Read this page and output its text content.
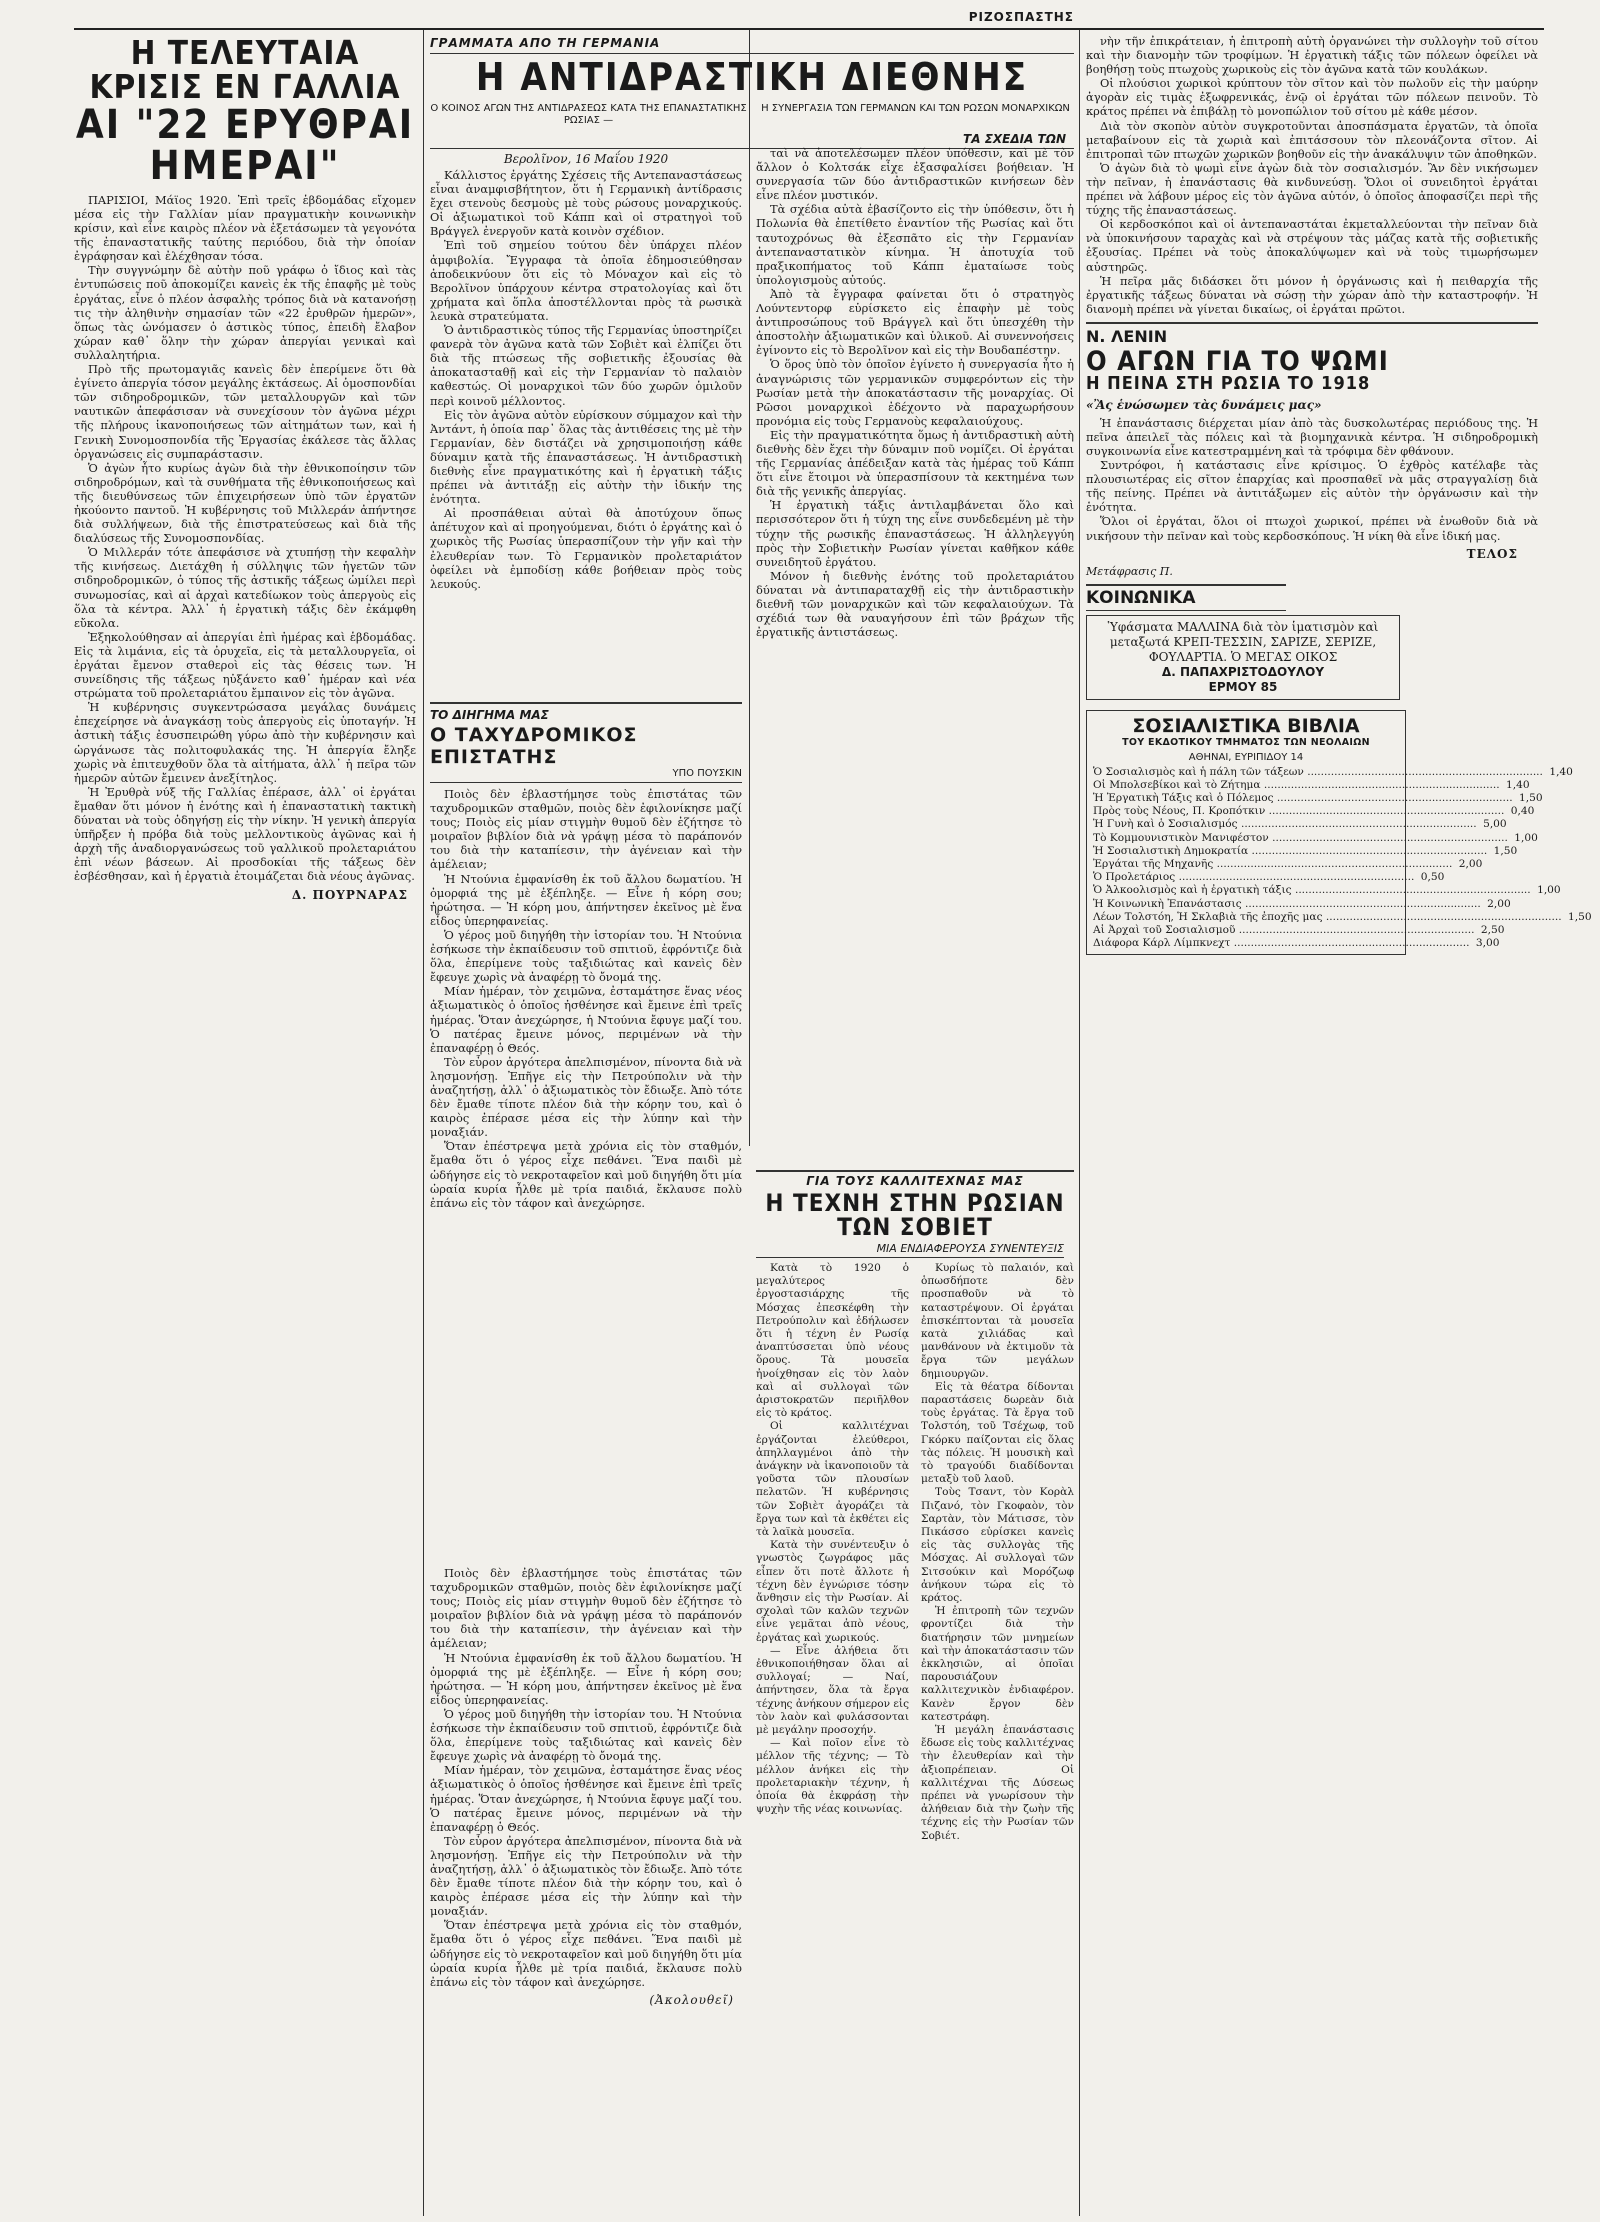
ΡΙΖΟΣΠΑΣΤΗΣ
Η ΤΕΛΕΥΤΑΙΑ ΚΡΙΣΙΣ ΕΝ ΓΑΛΛΙΑ
ΑΙ "22 ΕΡΥΘΡΑΙ ΗΜΕΡΑΙ"

ΠΑΡΙΣΙΟΙ, Μάϊος 1920. Ἐπὶ τρεῖς ἑβδομάδας εἴχομεν μέσα εἰς τὴν Γαλλίαν μίαν πραγματικὴν κοινωνικὴν κρίσιν, καὶ εἶνε καιρὸς πλέον νὰ ἐξετάσωμεν τὰ γεγονότα τῆς ἐπαναστατικῆς ταύτης περιόδου, διὰ τὴν ὁποίαν ἐγράφησαν καὶ ἐλέχθησαν τόσα.

Τὴν συγγνώμην δὲ αὐτὴν ποῦ γράφω ὁ ἴδιος καὶ τὰς ἐντυπώσεις ποῦ ἀποκομίζει κανεὶς ἐκ τῆς ἐπαφῆς μὲ τοὺς ἐργάτας, εἶνε ὁ πλέον ἀσφαλὴς τρόπος διὰ νὰ κατανοήσῃ τις τὴν ἀληθινὴν σημασίαν τῶν «22 ἐρυθρῶν ἡμερῶν», ὅπως τὰς ὠνόμασεν ὁ ἀστικὸς τύπος, ἐπειδὴ ἔλαβον χώραν καθ᾽ ὅλην τὴν χώραν ἀπεργίαι γενικαὶ καὶ συλλαλητήρια.

Πρὸ τῆς πρωτομαγιᾶς κανεὶς δὲν ἐπερίμενε ὅτι θὰ ἐγίνετο ἀπεργία τόσον μεγάλης ἐκτάσεως. Αἱ ὁμοσπονδίαι τῶν σιδηροδρομικῶν, τῶν μεταλλουργῶν καὶ τῶν ναυτικῶν ἀπεφάσισαν νὰ συνεχίσουν τὸν ἀγῶνα μέχρι τῆς πλήρους ἱκανοποιήσεως τῶν αἰτημάτων των, καὶ ἡ Γενικὴ Συνομοσπονδία τῆς Ἐργασίας ἐκάλεσε τὰς ἄλλας ὀργανώσεις εἰς συμπαράστασιν.

Ὁ ἀγὼν ἦτο κυρίως ἀγὼν διὰ τὴν ἐθνικοποίησιν τῶν σιδηροδρόμων, καὶ τὰ συνθήματα τῆς ἐθνικοποιήσεως καὶ τῆς διευθύνσεως τῶν ἐπιχειρήσεων ὑπὸ τῶν ἐργατῶν ἠκούοντο παντοῦ. Ἡ κυβέρνησις τοῦ Μιλλεράν ἀπήντησε διὰ συλλήψεων, διὰ τῆς ἐπιστρατεύσεως καὶ διὰ τῆς διαλύσεως τῆς Συνομοσπονδίας.

Ὁ Μιλλεράν τότε ἀπεφάσισε νὰ χτυπήσῃ τὴν κεφαλὴν τῆς κινήσεως. Διετάχθη ἡ σύλληψις τῶν ἡγετῶν τῶν σιδηροδρομικῶν, ὁ τύπος τῆς ἀστικῆς τάξεως ὡμίλει περὶ συνωμοσίας, καὶ αἱ ἀρχαὶ κατεδίωκον τοὺς ἀπεργοὺς εἰς ὅλα τὰ κέντρα. Ἀλλ᾽ ἡ ἐργατικὴ τάξις δὲν ἐκάμφθη εὔκολα.

Ἐξηκολούθησαν αἱ ἀπεργίαι ἐπὶ ἡμέρας καὶ ἑβδομάδας. Εἰς τὰ λιμάνια, εἰς τὰ ὀρυχεῖα, εἰς τὰ μεταλλουργεῖα, οἱ ἐργάται ἔμενον σταθεροὶ εἰς τὰς θέσεις των. Ἡ συνείδησις τῆς τάξεως ηὐξάνετο καθ᾽ ἡμέραν καὶ νέα στρώματα τοῦ προλεταριάτου ἔμπαινον εἰς τὸν ἀγῶνα.

Ἡ κυβέρνησις συγκεντρώσασα μεγάλας δυνάμεις ἐπεχείρησε νὰ ἀναγκάσῃ τοὺς ἀπεργοὺς εἰς ὑποταγήν. Ἡ ἀστικὴ τάξις ἐσυσπειρώθη γύρω ἀπὸ τὴν κυβέρνησιν καὶ ὠργάνωσε τὰς πολιτοφυλακάς της. Ἡ ἀπεργία ἔληξε χωρὶς νὰ ἐπιτευχθοῦν ὅλα τὰ αἰτήματα, ἀλλ᾽ ἡ πεῖρα τῶν ἡμερῶν αὐτῶν ἔμεινεν ἀνεξίτηλος.

Ἡ Ἐρυθρὰ νύξ τῆς Γαλλίας ἐπέρασε, ἀλλ᾽ οἱ ἐργάται ἔμαθαν ὅτι μόνον ἡ ἑνότης καὶ ἡ ἐπαναστατικὴ τακτικὴ δύναται νὰ τοὺς ὁδηγήσῃ εἰς τὴν νίκην. Ἡ γενικὴ ἀπεργία ὑπῆρξεν ἡ πρόβα διὰ τοὺς μελλοντικοὺς ἀγῶνας καὶ ἡ ἀρχὴ τῆς ἀναδιοργανώσεως τοῦ γαλλικοῦ προλεταριάτου ἐπὶ νέων βάσεων. Αἱ προσδοκίαι τῆς τάξεως δὲν ἐσβέσθησαν, καὶ ἡ ἐργατιὰ ἑτοιμάζεται διὰ νέους ἀγῶνας.

Δ. ΠΟΥΡΝΑΡΑΣ
ΓΡΑΜΜΑΤΑ ΑΠΟ ΤΗ ΓΕΡΜΑΝΙΑ
Η ΑΝΤΙΔΡΑΣΤΙΚΗ ΔΙΕΘΝΗΣ
Ο ΚΟΙΝΟΣ ΑΓΩΝ ΤΗΣ ΑΝΤΙΔΡΑΣΕΩΣ ΚΑΤΑ ΤΗΣ ΕΠΑΝΑΣΤΑΤΙΚΗΣ ΡΩΣΙΑΣ —
Η ΣΥΝΕΡΓΑΣΙΑ ΤΩΝ ΓΕΡΜΑΝΩΝ ΚΑΙ ΤΩΝ ΡΩΣΩΝ ΜΟΝΑΡΧΙΚΩΝ
ΤΑ ΣΧΕΔΙΑ ΤΩΝ
Βερολῖνον, 16 Μαΐου 1920

Κάλλιστος ἐργάτης Σχέσεις τῆς Αντεπαναστάσεως εἶναι ἀναμφισβήτητον, ὅτι ἡ Γερμανικὴ ἀντίδρασις ἔχει στενοὺς δεσμοὺς μὲ τοὺς ρώσους μοναρχικούς. Οἱ ἀξιωματικοὶ τοῦ Κάππ καὶ οἱ στρατηγοὶ τοῦ Βράγγελ ἐνεργοῦν κατὰ κοινὸν σχέδιον.

Ἐπὶ τοῦ σημείου τούτου δὲν ὑπάρχει πλέον ἀμφιβολία. Ἔγγραφα τὰ ὁποῖα ἐδημοσιεύθησαν ἀποδεικνύουν ὅτι εἰς τὸ Μόναχον καὶ εἰς τὸ Βερολῖνον ὑπάρχουν κέντρα στρατολογίας καὶ ὅτι χρήματα καὶ ὅπλα ἀποστέλλονται πρὸς τὰ ρωσικὰ λευκὰ στρατεύματα.

Ὁ ἀντιδραστικὸς τύπος τῆς Γερμανίας ὑποστηρίζει φανερὰ τὸν ἀγῶνα κατὰ τῶν Σοβιὲτ καὶ ἐλπίζει ὅτι διὰ τῆς πτώσεως τῆς σοβιετικῆς ἐξουσίας θὰ ἀποκατασταθῇ καὶ εἰς τὴν Γερμανίαν τὸ παλαιὸν καθεστώς. Οἱ μοναρχικοὶ τῶν δύο χωρῶν ὁμιλοῦν περὶ κοινοῦ μέλλοντος.

Εἰς τὸν ἀγῶνα αὐτὸν εὑρίσκουν σύμμαχον καὶ τὴν Ἀντάντ, ἡ ὁποία παρ᾽ ὅλας τὰς ἀντιθέσεις της μὲ τὴν Γερμανίαν, δὲν διστάζει νὰ χρησιμοποιήσῃ κάθε δύναμιν κατὰ τῆς ἐπαναστάσεως. Ἡ ἀντιδραστικὴ διεθνὴς εἶνε πραγματικότης καὶ ἡ ἐργατικὴ τάξις πρέπει νὰ ἀντιτάξῃ εἰς αὐτὴν τὴν ἰδικήν της ἑνότητα.

Αἱ προσπάθειαι αὐταὶ θὰ ἀποτύχουν ὅπως ἀπέτυχον καὶ αἱ προηγούμεναι, διότι ὁ ἐργάτης καὶ ὁ χωρικὸς τῆς Ρωσίας ὑπερασπίζουν τὴν γῆν καὶ τὴν ἐλευθερίαν των. Τὸ Γερμανικὸν προλεταριάτον ὀφείλει νὰ ἐμποδίσῃ κάθε βοήθειαν πρὸς τοὺς λευκούς.

ταὶ νὰ ἀποτελέσωμεν πλέον ὑπόθεσιν, καὶ μὲ τὸν ἄλλον ὁ Κολτσάκ εἶχε ἐξασφαλίσει βοήθειαν. Ἡ συνεργασία τῶν δύο ἀντιδραστικῶν κινήσεων δὲν εἶνε πλέον μυστικόν.

Τὰ σχέδια αὐτὰ ἐβασίζοντο εἰς τὴν ὑπόθεσιν, ὅτι ἡ Πολωνία θὰ ἐπετίθετο ἐναντίον τῆς Ρωσίας καὶ ὅτι ταυτοχρόνως θὰ ἐξεσπᾶτο εἰς τὴν Γερμανίαν ἀντεπαναστατικὸν κίνημα. Ἡ ἀποτυχία τοῦ πραξικοπήματος τοῦ Κάππ ἐματαίωσε τοὺς ὑπολογισμοὺς αὐτούς.

Ἀπὸ τὰ ἔγγραφα φαίνεται ὅτι ὁ στρατηγὸς Λούντεντορφ εὑρίσκετο εἰς ἐπαφὴν μὲ τοὺς ἀντιπροσώπους τοῦ Βράγγελ καὶ ὅτι ὑπεσχέθη τὴν ἀποστολὴν ἀξιωματικῶν καὶ ὑλικοῦ. Αἱ συνεννοήσεις ἐγίνοντο εἰς τὸ Βερολῖνον καὶ εἰς τὴν Βουδαπέστην.

Ὁ ὅρος ὑπὸ τὸν ὁποῖον ἐγίνετο ἡ συνεργασία ἦτο ἡ ἀναγνώρισις τῶν γερμανικῶν συμφερόντων εἰς τὴν Ρωσίαν μετὰ τὴν ἀποκατάστασιν τῆς μοναρχίας. Οἱ Ρῶσοι μοναρχικοὶ ἐδέχοντο νὰ παραχωρήσουν προνόμια εἰς τοὺς Γερμανοὺς κεφαλαιούχους.

Εἰς τὴν πραγματικότητα ὅμως ἡ ἀντιδραστικὴ αὐτὴ διεθνὴς δὲν ἔχει τὴν δύναμιν ποῦ νομίζει. Οἱ ἐργάται τῆς Γερμανίας ἀπέδειξαν κατὰ τὰς ἡμέρας τοῦ Κάππ ὅτι εἶνε ἕτοιμοι νὰ ὑπερασπίσουν τὰ κεκτημένα των διὰ τῆς γενικῆς ἀπεργίας.

Ἡ ἐργατικὴ τάξις ἀντιλαμβάνεται ὅλο καὶ περισσότερον ὅτι ἡ τύχη της εἶνε συνδεδεμένη μὲ τὴν τύχην τῆς ρωσικῆς ἐπαναστάσεως. Ἡ ἀλληλεγγύη πρὸς τὴν Σοβιετικὴν Ρωσίαν γίνεται καθῆκον κάθε συνειδητοῦ ἐργάτου.

Μόνον ἡ διεθνὴς ἑνότης τοῦ προλεταριάτου δύναται νὰ ἀντιπαραταχθῇ εἰς τὴν ἀντιδραστικὴν διεθνῆ τῶν μοναρχικῶν καὶ τῶν κεφαλαιούχων. Τὰ σχέδιά των θὰ ναυαγήσουν ἐπὶ τῶν βράχων τῆς ἐργατικῆς ἀντιστάσεως.

ΤΟ ΔΙΗΓΗΜΑ ΜΑΣ
Ο ΤΑΧΥΔΡΟΜΙΚΟΣ ΕΠΙΣΤΑΤΗΣ
ΥΠΟ ΠΟΥΣΚΙΝ

Ποιὸς δὲν ἐβλαστήμησε τοὺς ἐπιστάτας τῶν ταχυδρομικῶν σταθμῶν, ποιὸς δὲν ἐφιλονίκησε μαζί τους; Ποιὸς εἰς μίαν στιγμὴν θυμοῦ δὲν ἐζήτησε τὸ μοιραῖον βιβλίον διὰ νὰ γράψῃ μέσα τὸ παράπονόν του διὰ τὴν καταπίεσιν, τὴν ἀγένειαν καὶ τὴν ἀμέλειαν;

Ἡ Ντούνια ἐμφανίσθη ἐκ τοῦ ἄλλου δωματίου. Ἡ ὀμορφιά της μὲ ἐξέπληξε. — Εἶνε ἡ κόρη σου; ἠρώτησα. — Ἡ κόρη μου, ἀπήντησεν ἐκεῖνος μὲ ἕνα εἶδος ὑπερηφανείας.

Ὁ γέρος μοῦ διηγήθη τὴν ἱστορίαν του. Ἡ Ντούνια ἐσήκωσε τὴν ἐκπαίδευσιν τοῦ σπιτιοῦ, ἐφρόντιζε διὰ ὅλα, ἐπερίμενε τοὺς ταξιδιώτας καὶ κανεὶς δὲν ἔφευγε χωρὶς νὰ ἀναφέρῃ τὸ ὄνομά της.

Μίαν ἡμέραν, τὸν χειμῶνα, ἐσταμάτησε ἕνας νέος ἀξιωματικὸς ὁ ὁποῖος ἠσθένησε καὶ ἔμεινε ἐπὶ τρεῖς ἡμέρας. Ὅταν ἀνεχώρησε, ἡ Ντούνια ἔφυγε μαζί του. Ὁ πατέρας ἔμεινε μόνος, περιμένων νὰ τὴν ἐπαναφέρῃ ὁ Θεός.

Τὸν εὗρον ἀργότερα ἀπελπισμένον, πίνοντα διὰ νὰ λησμονήσῃ. Ἐπῆγε εἰς τὴν Πετρούπολιν νὰ τὴν ἀναζητήσῃ, ἀλλ᾽ ὁ ἀξιωματικὸς τὸν ἔδιωξε. Ἀπὸ τότε δὲν ἔμαθε τίποτε πλέον διὰ τὴν κόρην του, καὶ ὁ καιρὸς ἐπέρασε μέσα εἰς τὴν λύπην καὶ τὴν μοναξιάν.

Ὅταν ἐπέστρεψα μετὰ χρόνια εἰς τὸν σταθμόν, ἔμαθα ὅτι ὁ γέρος εἶχε πεθάνει. Ἕνα παιδὶ μὲ ὡδήγησε εἰς τὸ νεκροταφεῖον καὶ μοῦ διηγήθη ὅτι μία ὡραία κυρία ἦλθε μὲ τρία παιδιά, ἔκλαυσε πολὺ ἐπάνω εἰς τὸν τάφον καὶ ἀνεχώρησε.

Ποιὸς δὲν ἐβλαστήμησε τοὺς ἐπιστάτας τῶν ταχυδρομικῶν σταθμῶν, ποιὸς δὲν ἐφιλονίκησε μαζί τους; Ποιὸς εἰς μίαν στιγμὴν θυμοῦ δὲν ἐζήτησε τὸ μοιραῖον βιβλίον διὰ νὰ γράψῃ μέσα τὸ παράπονόν του διὰ τὴν καταπίεσιν, τὴν ἀγένειαν καὶ τὴν ἀμέλειαν;

Ἡ Ντούνια ἐμφανίσθη ἐκ τοῦ ἄλλου δωματίου. Ἡ ὀμορφιά της μὲ ἐξέπληξε. — Εἶνε ἡ κόρη σου; ἠρώτησα. — Ἡ κόρη μου, ἀπήντησεν ἐκεῖνος μὲ ἕνα εἶδος ὑπερηφανείας.

Ὁ γέρος μοῦ διηγήθη τὴν ἱστορίαν του. Ἡ Ντούνια ἐσήκωσε τὴν ἐκπαίδευσιν τοῦ σπιτιοῦ, ἐφρόντιζε διὰ ὅλα, ἐπερίμενε τοὺς ταξιδιώτας καὶ κανεὶς δὲν ἔφευγε χωρὶς νὰ ἀναφέρῃ τὸ ὄνομά της.

Μίαν ἡμέραν, τὸν χειμῶνα, ἐσταμάτησε ἕνας νέος ἀξιωματικὸς ὁ ὁποῖος ἠσθένησε καὶ ἔμεινε ἐπὶ τρεῖς ἡμέρας. Ὅταν ἀνεχώρησε, ἡ Ντούνια ἔφυγε μαζί του. Ὁ πατέρας ἔμεινε μόνος, περιμένων νὰ τὴν ἐπαναφέρῃ ὁ Θεός.

Τὸν εὗρον ἀργότερα ἀπελπισμένον, πίνοντα διὰ νὰ λησμονήσῃ. Ἐπῆγε εἰς τὴν Πετρούπολιν νὰ τὴν ἀναζητήσῃ, ἀλλ᾽ ὁ ἀξιωματικὸς τὸν ἔδιωξε. Ἀπὸ τότε δὲν ἔμαθε τίποτε πλέον διὰ τὴν κόρην του, καὶ ὁ καιρὸς ἐπέρασε μέσα εἰς τὴν λύπην καὶ τὴν μοναξιάν.

Ὅταν ἐπέστρεψα μετὰ χρόνια εἰς τὸν σταθμόν, ἔμαθα ὅτι ὁ γέρος εἶχε πεθάνει. Ἕνα παιδὶ μὲ ὡδήγησε εἰς τὸ νεκροταφεῖον καὶ μοῦ διηγήθη ὅτι μία ὡραία κυρία ἦλθε μὲ τρία παιδιά, ἔκλαυσε πολὺ ἐπάνω εἰς τὸν τάφον καὶ ἀνεχώρησε.

(Ἀκολουθεῖ)
ΓΙΑ ΤΟΥΣ ΚΑΛΛΙΤΕΧΝΑΣ ΜΑΣ
Η ΤΕΧΝΗ ΣΤΗΝ ΡΩΣΙΑΝ ΤΩΝ ΣΟΒΙΕΤ
ΜΙΑ ΕΝΔΙΑΦΕΡΟΥΣΑ ΣΥΝΕΝΤΕΥΞΙΣ

Κατὰ τὸ 1920 ὁ μεγαλύτερος ἐργοστασιάρχης τῆς Μόσχας ἐπεσκέφθη τὴν Πετρούπολιν καὶ ἐδήλωσεν ὅτι ἡ τέχνη ἐν Ρωσίᾳ ἀναπτύσσεται ὑπὸ νέους ὅρους. Τὰ μουσεῖα ἠνοίχθησαν εἰς τὸν λαὸν καὶ αἱ συλλογαὶ τῶν ἀριστοκρατῶν περιῆλθον εἰς τὸ κράτος.

Οἱ καλλιτέχναι ἐργάζονται ἐλεύθεροι, ἀπηλλαγμένοι ἀπὸ τὴν ἀνάγκην νὰ ἱκανοποιοῦν τὰ γοῦστα τῶν πλουσίων πελατῶν. Ἡ κυβέρνησις τῶν Σοβιὲτ ἀγοράζει τὰ ἔργα των καὶ τὰ ἐκθέτει εἰς τὰ λαϊκὰ μουσεῖα.

Κατὰ τὴν συνέντευξιν ὁ γνωστὸς ζωγράφος μᾶς εἶπεν ὅτι ποτὲ ἄλλοτε ἡ τέχνη δὲν ἐγνώρισε τόσην ἄνθησιν εἰς τὴν Ρωσίαν. Αἱ σχολαὶ τῶν καλῶν τεχνῶν εἶνε γεμᾶται ἀπὸ νέους, ἐργάτας καὶ χωρικούς.

— Εἶνε ἀλήθεια ὅτι ἐθνικοποιήθησαν ὅλαι αἱ συλλογαί; — Ναί, ἀπήντησεν, ὅλα τὰ ἔργα τέχνης ἀνήκουν σήμερον εἰς τὸν λαὸν καὶ φυλάσσονται μὲ μεγάλην προσοχήν.

— Καὶ ποῖον εἶνε τὸ μέλλον τῆς τέχνης; — Τὸ μέλλον ἀνήκει εἰς τὴν προλεταριακὴν τέχνην, ἡ ὁποία θὰ ἐκφράσῃ τὴν ψυχὴν τῆς νέας κοινωνίας.

Κυρίως τὸ παλαιόν, καὶ ὁπωσδήποτε δὲν προσπαθοῦν νὰ τὸ καταστρέψουν. Οἱ ἐργάται ἐπισκέπτονται τὰ μουσεῖα κατὰ χιλιάδας καὶ μανθάνουν νὰ ἐκτιμοῦν τὰ ἔργα τῶν μεγάλων δημιουργῶν.

Εἰς τὰ θέατρα δίδονται παραστάσεις δωρεὰν διὰ τοὺς ἐργάτας. Τὰ ἔργα τοῦ Τολστόη, τοῦ Τσέχωφ, τοῦ Γκόρκυ παίζονται εἰς ὅλας τὰς πόλεις. Ἡ μουσικὴ καὶ τὸ τραγούδι διαδίδονται μεταξὺ τοῦ λαοῦ.

Τοὺς Τσαντ, τὸν Κορὰλ Πιζανό, τὸν Γκοφαὸν, τὸν Σαρτὰν, τὸν Μάτισσε, τὸν Πικάσσο εὑρίσκει κανεὶς εἰς τὰς συλλογὰς τῆς Μόσχας. Αἱ συλλογαὶ τῶν Σιτσούκιν καὶ Μορόζωφ ἀνήκουν τώρα εἰς τὸ κράτος.

Ἡ ἐπιτροπὴ τῶν τεχνῶν φροντίζει διὰ τὴν διατήρησιν τῶν μνημείων καὶ τὴν ἀποκατάστασιν τῶν ἐκκλησιῶν, αἱ ὁποῖαι παρουσιάζουν καλλιτεχνικὸν ἐνδιαφέρον. Κανὲν ἔργον δὲν κατεστράφη.

Ἡ μεγάλη ἐπανάστασις ἔδωσε εἰς τοὺς καλλιτέχνας τὴν ἐλευθερίαν καὶ τὴν ἀξιοπρέπειαν. Οἱ καλλιτέχναι τῆς Δύσεως πρέπει νὰ γνωρίσουν τὴν ἀλήθειαν διὰ τὴν ζωὴν τῆς τέχνης εἰς τὴν Ρωσίαν τῶν Σοβιέτ.

νὴν τῆν ἐπικράτειαν, ἡ ἐπιτροπὴ αὐτὴ ὀργανώνει τὴν συλλογὴν τοῦ σίτου καὶ τὴν διανομὴν τῶν τροφίμων. Ἡ ἐργατικὴ τάξις τῶν πόλεων ὀφείλει νὰ βοηθήσῃ τοὺς πτωχοὺς χωρικοὺς εἰς τὸν ἀγῶνα κατὰ τῶν κουλάκων.

Οἱ πλούσιοι χωρικοὶ κρύπτουν τὸν σῖτον καὶ τὸν πωλοῦν εἰς τὴν μαύρην ἀγορὰν εἰς τιμὰς ἐξωφρενικάς, ἐνῷ οἱ ἐργάται τῶν πόλεων πεινοῦν. Τὸ κράτος πρέπει νὰ ἐπιβάλῃ τὸ μονοπώλιον τοῦ σίτου μὲ κάθε μέσον.

Διὰ τὸν σκοπὸν αὐτὸν συγκροτοῦνται ἀποσπάσματα ἐργατῶν, τὰ ὁποῖα μεταβαίνουν εἰς τὰ χωριὰ καὶ ἐπιτάσσουν τὸν πλεονάζοντα σῖτον. Αἱ ἐπιτροπαὶ τῶν πτωχῶν χωρικῶν βοηθοῦν εἰς τὴν ἀνακάλυψιν τῶν ἀποθηκῶν.

Ὁ ἀγὼν διὰ τὸ ψωμὶ εἶνε ἀγὼν διὰ τὸν σοσιαλισμόν. Ἂν δὲν νικήσωμεν τὴν πεῖναν, ἡ ἐπανάστασις θὰ κινδυνεύσῃ. Ὅλοι οἱ συνειδητοὶ ἐργάται πρέπει νὰ λάβουν μέρος εἰς τὸν ἀγῶνα αὐτόν, ὁ ὁποῖος ἀποφασίζει περὶ τῆς τύχης τῆς ἐπαναστάσεως.

Οἱ κερδοσκόποι καὶ οἱ ἀντεπαναστάται ἐκμεταλλεύονται τὴν πεῖναν διὰ νὰ ὑποκινήσουν ταραχὰς καὶ νὰ στρέψουν τὰς μάζας κατὰ τῆς σοβιετικῆς ἐξουσίας. Πρέπει νὰ τοὺς ἀποκαλύψωμεν καὶ νὰ τοὺς τιμωρήσωμεν αὐστηρῶς.

Ἡ πεῖρα μᾶς διδάσκει ὅτι μόνον ἡ ὀργάνωσις καὶ ἡ πειθαρχία τῆς ἐργατικῆς τάξεως δύναται νὰ σώσῃ τὴν χώραν ἀπὸ τὴν καταστροφήν. Ἡ διανομὴ πρέπει νὰ γίνεται δικαίως, οἱ ἐργάται πρῶτοι.

Ν. ΛΕΝΙΝ
Ο ΑΓΩΝ ΓΙΑ ΤΟ ΨΩΜΙ
Η ΠΕΙΝΑ ΣΤΗ ΡΩΣΙΑ ΤΟ 1918
«Ἂς ἑνώσωμεν τὰς δυνάμεις μας»

Ἡ ἐπανάστασις διέρχεται μίαν ἀπὸ τὰς δυσκολωτέρας περιόδους της. Ἡ πεῖνα ἀπειλεῖ τὰς πόλεις καὶ τὰ βιομηχανικὰ κέντρα. Ἡ σιδηροδρομικὴ συγκοινωνία εἶνε κατεστραμμένη καὶ τὰ τρόφιμα δὲν φθάνουν.

Συντρόφοι, ἡ κατάστασις εἶνε κρίσιμος. Ὁ ἐχθρὸς κατέλαβε τὰς πλουσιωτέρας εἰς σῖτον ἐπαρχίας καὶ προσπαθεῖ νὰ μᾶς στραγγαλίσῃ διὰ τῆς πείνης. Πρέπει νὰ ἀντιτάξωμεν εἰς αὐτὸν τὴν ὀργάνωσιν καὶ τὴν ἑνότητα.

Ὅλοι οἱ ἐργάται, ὅλοι οἱ πτωχοὶ χωρικοί, πρέπει νὰ ἑνωθοῦν διὰ νὰ νικήσουν τὴν πεῖναν καὶ τοὺς κερδοσκόπους. Ἡ νίκη θὰ εἶνε ἰδική μας.

ΤΕΛΟΣ
Μετάφρασις Π.
ΚΟΙΝΩΝΙΚΑ
Ὑφάσματα ΜΑΛΛΙΝΑ διὰ τὸν ἱματισμὸν καὶ μεταξωτά ΚΡΕΠ-ΤΕΣΣΙΝ, ΣΑΡΙΖΕ, ΣΕΡΙΖΕ, ΦΟΥΛΑΡΤΙΑ. Ὁ ΜΕΓΑΣ ΟΙΚΟΣ
Δ. ΠΑΠΑΧΡΙΣΤΟΔΟΥΛΟΥ
ΕΡΜΟΥ 85
ΣΟΣΙΑΛΙΣΤΙΚΑ ΒΙΒΛΙΑ
ΤΟΥ ΕΚΔΟΤΙΚΟΥ ΤΜΗΜΑΤΟΣ ΤΩΝ ΝΕΟΛΑΙΩΝ
ΑΘΗΝΑΙ, ΕΥΡΙΠΙΔΟΥ 14
Ὁ Σοσιαλισμὸς καὶ ἡ πάλη τῶν τάξεων .....	1,40
Οἱ Μπολσεβίκοι καὶ τὸ Ζήτημα .....	1,40
Ἡ Ἐργατικὴ Τάξις καὶ ὁ Πόλεμος .....	1,50
Πρὸς τοὺς Νέους, Π. Κροπότκιν .....	0,40
Ἡ Γυνὴ καὶ ὁ Σοσιαλισμός .....	5,00
Τὸ Κομμουνιστικὸν Μανιφέστον .....	1,00
Ἡ Σοσιαλιστικὴ Δημοκρατία .....	1,50
Ἐργάται τῆς Μηχανῆς .....	2,00
Ὁ Προλετάριος .....	0,50
Ὁ Ἀλκοολισμὸς καὶ ἡ ἐργατικὴ τάξις .....	1,00
Ἡ Κοινωνικὴ Ἐπανάστασις .....	2,00
Λέων Τολστόη, Ἡ Σκλαβιὰ τῆς ἐποχῆς μας .....	1,50
Αἱ Ἀρχαὶ τοῦ Σοσιαλισμοῦ .....	2,50
Διάφορα Κάρλ Λίμπκνεχτ .....	3,00
